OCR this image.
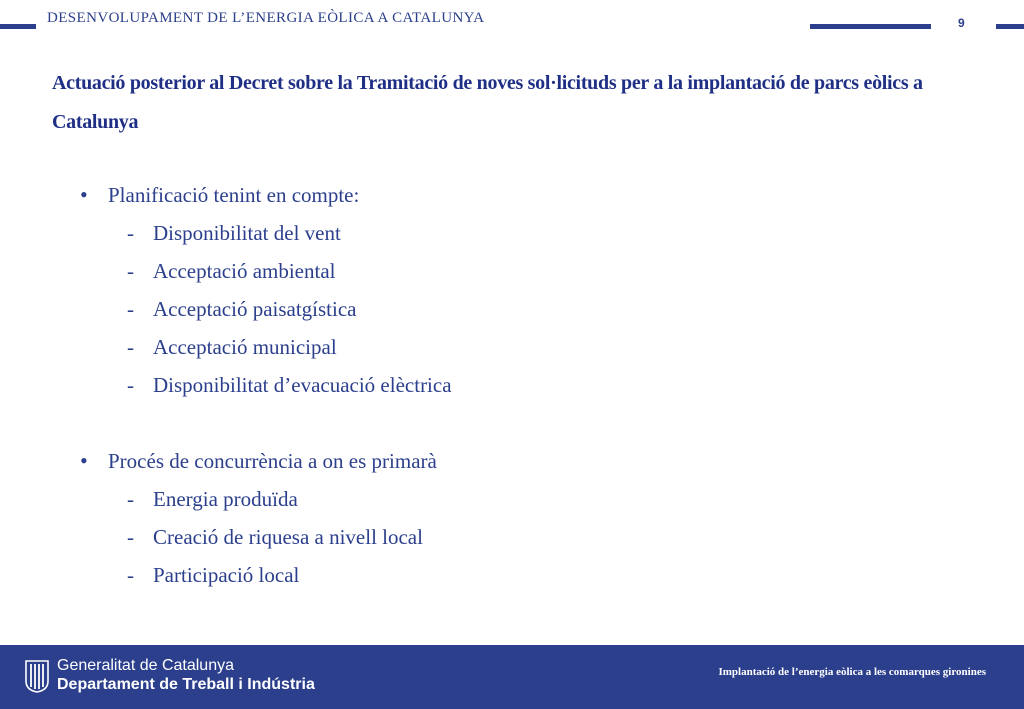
DESENVOLUPAMENT DE L’ENERGIA EÒLICA A CATALUNYA	9
Actuació posterior al Decret sobre la Tramitació de noves sol·licituds per a la implantació de parcs eòlics a Catalunya
• Planificació tenint en compte:
- Disponibilitat del vent
- Acceptació ambiental
- Acceptació paisatgística
- Acceptació municipal
- Disponibilitat d’evacuació elèctrica
• Procés de concurrència a on es primarà
- Energia produïda
- Creació de riquesa a nivell local
- Participació local
Generalitat de Catalunya
Departament de Treball i Indústria
Implantació de l’energia eòlica a les comarques gironines
